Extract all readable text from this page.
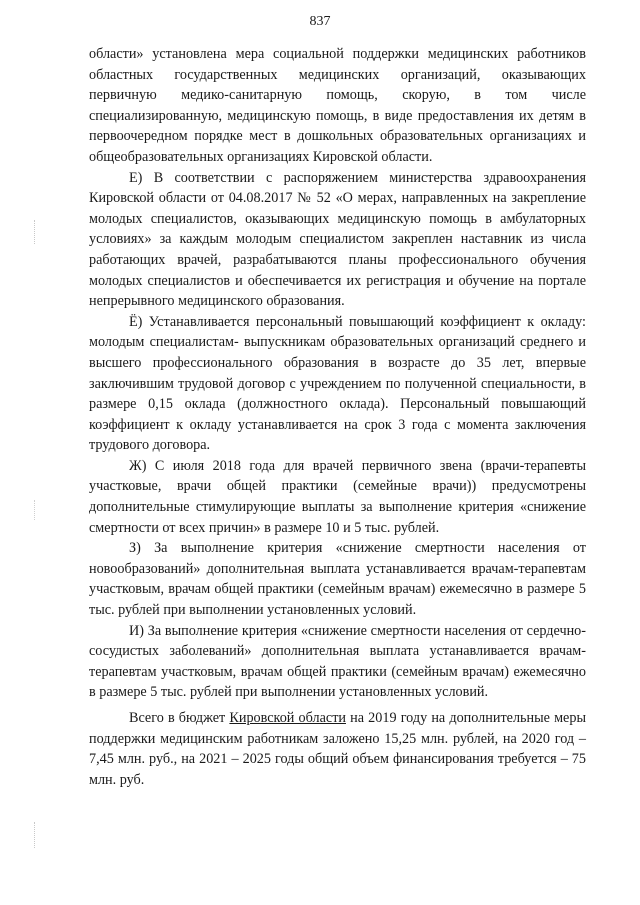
837

области» установлена мера социальной поддержки медицинских работников областных государственных медицинских организаций, оказывающих первичную медико-санитарную помощь, скорую, в том числе специализированную, медицинскую помощь, в виде предоставления их детям в первоочередном порядке мест в дошкольных образовательных организациях и общеобразовательных организациях Кировской области.

Е) В соответствии с распоряжением министерства здравоохранения Кировской области от 04.08.2017 № 52 «О мерах, направленных на закрепление молодых специалистов, оказывающих медицинскую помощь в амбулаторных условиях» за каждым молодым специалистом закреплен наставник из числа работающих врачей, разрабатываются планы профессионального обучения молодых специалистов и обеспечивается их регистрация и обучение на портале непрерывного медицинского образования.

Ё) Устанавливается персональный повышающий коэффициент к окладу: молодым специалистам- выпускникам образовательных организаций среднего и высшего профессионального образования в возрасте до 35 лет, впервые заключившим трудовой договор с учреждением по полученной специальности, в размере 0,15 оклада (должностного оклада). Персональный повышающий коэффициент к окладу устанавливается на срок 3 года с момента заключения трудового договора.

Ж) С июля 2018 года для врачей первичного звена (врачи-терапевты участковые, врачи общей практики (семейные врачи)) предусмотрены дополнительные стимулирующие выплаты за выполнение критерия «снижение смертности от всех причин» в размере 10 и 5 тыс. рублей.

З) За выполнение критерия «снижение смертности населения от новообразований» дополнительная выплата устанавливается врачам-терапевтам участковым, врачам общей практики (семейным врачам) ежемесячно в размере 5 тыс. рублей при выполнении установленных условий.

И) За выполнение критерия «снижение смертности населения от сердечно-сосудистых заболеваний» дополнительная выплата устанавливается врачам-терапевтам участковым, врачам общей практики (семейным врачам) ежемесячно в размере 5 тыс. рублей при выполнении установленных условий.

Всего в бюджет Кировской области на 2019 году на дополнительные меры поддержки медицинским работникам заложено 15,25 млн. рублей, на 2020 год – 7,45 млн. руб., на 2021 – 2025 годы общий объем финансирования требуется – 75 млн. руб.
